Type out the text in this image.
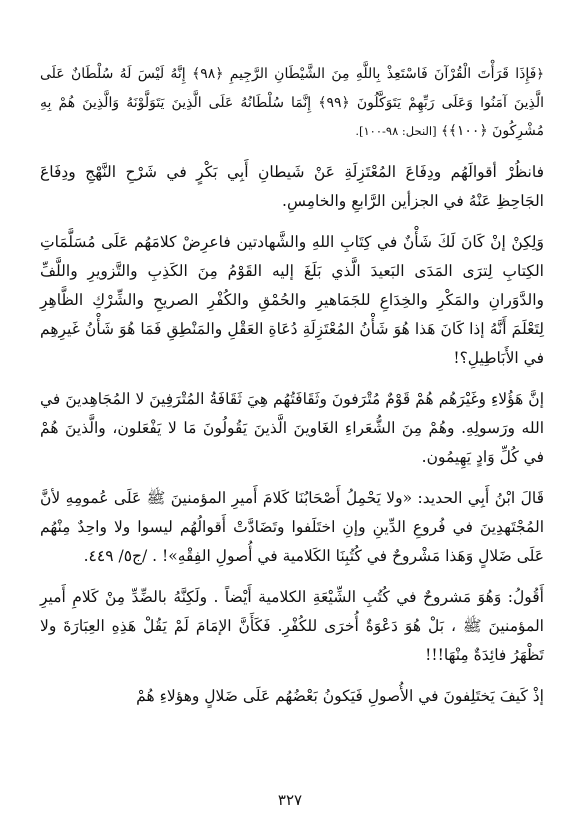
﴿فَإِذَا قَرَأْتَ الْقُرْآنَ فَاسْتَعِذْ بِاللَّهِ مِنَ الشَّيْطَانِ الرَّجِيمِ ﴿٩٨﴾ إِنَّهُ لَيْسَ لَهُ سُلْطَانٌ عَلَى الَّذِينَ آمَنُوا وَعَلَى رَبِّهِمْ يَتَوَكَّلُونَ ﴿٩٩﴾ إِنَّمَا سُلْطَانُهُ عَلَى الَّذِينَ يَتَوَلَّوْنَهُ وَالَّذِينَ هُمْ بِهِ مُشْرِكُونَ ﴿١٠٠﴾﴾ [النحل: ٩٨-١٠٠].

فانظُرْ أقوالَهُم ودِفَاعَ المُعْتَزِلَةِ عَنْ شَيطانِ أَبِي بَكْرٍ في شَرْحِ النَّهْجِ ودِفَاعَ الجَاحِظِ عَنْهُ في الجزأين الرَّابعِ والخامِسِ.

وَلِكِنْ إنْ كَانَ لَكَ شَأْنٌ في كِتَابِ اللهِ والشَّهادتين فاعرِضْ كلامَهُم عَلَى مُسَلَّمَاتِ الكِتابِ لِترَى المَدَى البَعيدَ الَّذي بَلَغَ إليه القَوْمُ مِنَ الكَذِبِ والتَّزويرِ واللَّفِّ والدَّوَرانِ والمَكْرِ والخِدَاعِ للجَمَاهيرِ والحُمْقِ والكُفْرِ الصريحِ والشِّرْكِ الظَّاهِرِ لِتَعْلَمَ أَنَّهُ إذا كَانَ هَذا هُوَ شَأْنُ المُعْتَزِلَةِ دُعَاةِ العَقْلِ والمَنْطِقِ فَمَا هُوَ شَأْنُ غَيرِهِم في الأَبَاطِيلِ؟!

إنَّ هَؤُلاءِ وغَيْرَهُم هُمْ قَوْمٌ مُتْرَفونَ وثَقَافَتُهُم هِيَ ثَقَافَةُ المُتْرَفِينَ لا المُجَاهِدينَ في الله ورَسولِهِ. وهُمْ مِنَ الشُّعَراءِ الغَاوينَ الَّذينَ يَقُولُونَ مَا لا يَفْعَلون، والَّذينَ هُمْ في كُلِّ وَادٍ يَهِيمُون.

قَالَ ابْنُ أَبِي الحديد: «ولا يَحْمِلُ أَصْحَابُنَا كَلامَ أَميرِ المؤمنينَ ﷺ عَلَى عُمومِهِ لأنَّ المُجْتَهدِينَ في فُروعِ الدِّينِ وإنِ اختَلَفوا وتَضَادَّتْ أَقوالُهُم ليسوا ولا واحِدٌ مِنْهُم عَلَى ضَلالٍ وَهَذا مَشْروحٌ في كُتُبِنَا الكَلامية في أُصولِ الفِقْهِ»! . /ج٥/ ٤٤٩.

أَقُولُ: وَهُوَ مَشروحٌ في كُتُبِ الشِّيْعَةِ الكلامية أَيْضاً . ولَكِنَّهُ بالضِّدِّ مِنْ كَلامِ أَميرِ المؤمنينَ ﷺ ، بَلْ هُوَ دَعْوَةٌ أُخرَى للكُفْرِ. فَكَأَنَّ الإمَامَ لَمْ يَقُلْ هَذِهِ العِبَارَةَ ولا تَظْهَرُ فائِدَةٌ مِنْهَا!!!

إذْ كَيفَ يَختَلِفونَ في الأُصولِ فَيَكونُ بَعْضُهُم عَلَى ضَلالٍ وهؤلاءِ هُمْ

٣٢٧
